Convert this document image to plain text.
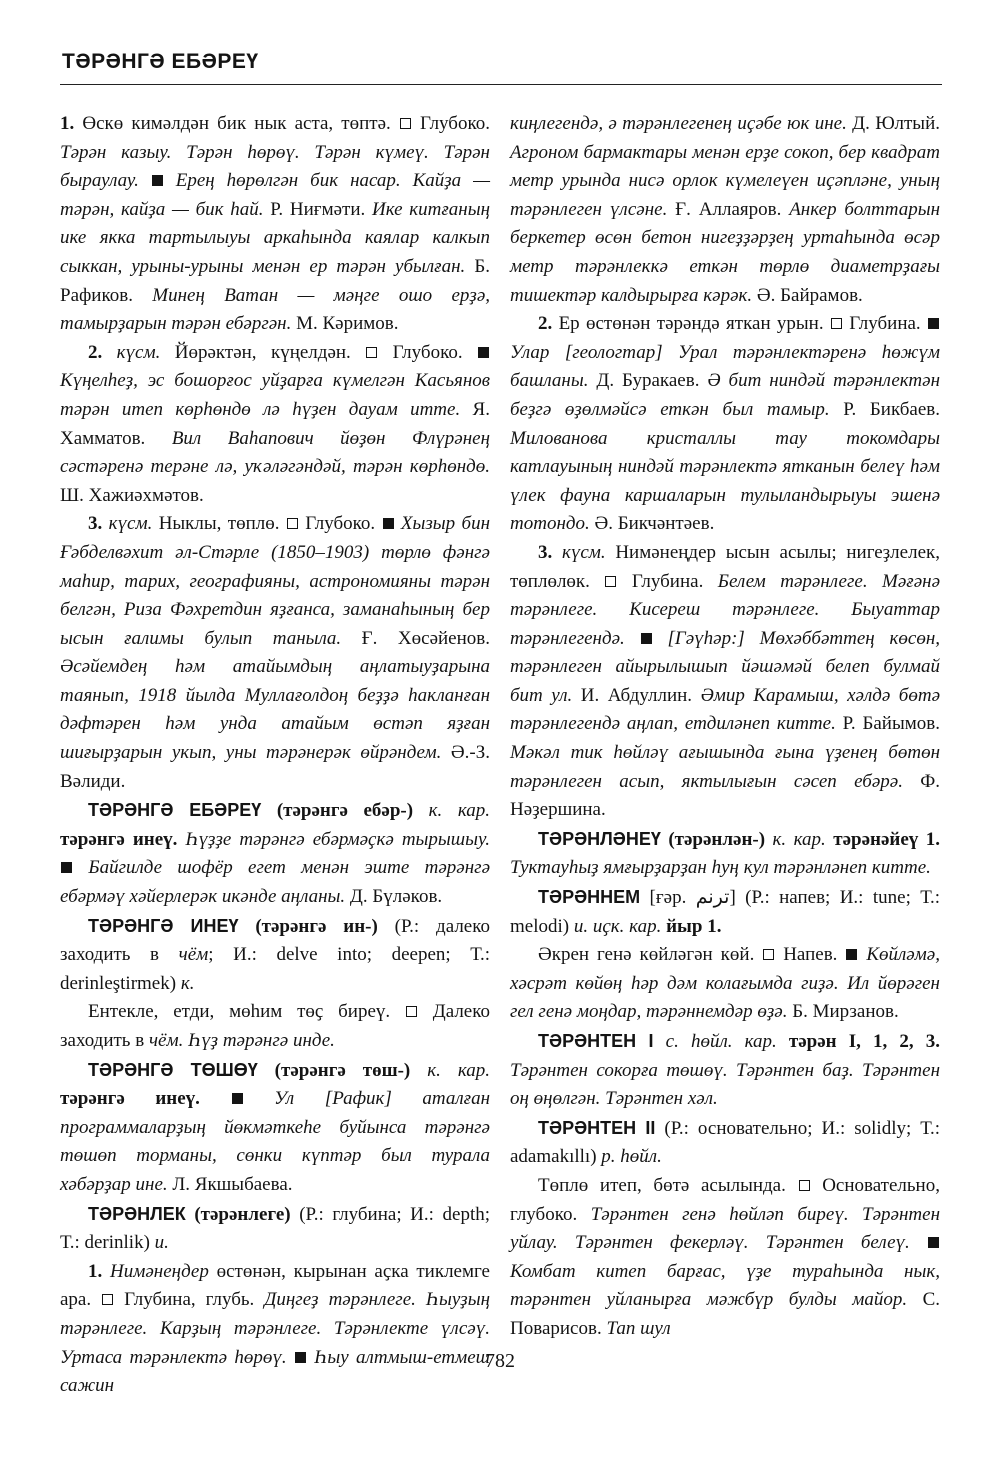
ТӘРӘНГӘ ЕБӘРЕҮ

1. Өскө кимәлдән бик нык аста, төптә.  Глубоко. Тәрән казыу. Тәрән һөрөү. Тәрән күмеү. Тәрән быраулау. Ерең һөрөлгән бик насар. Кайҙа — тәрән, кайҙа — бик һай. Р. Ниғмәти. Ике китғаның ике якка тартылыуы аркаһында каялар калкып сыккан, урыны-урыны менән ер тәрән убылған. Б. Рафиков. Минең Ватан — мәңге ошо ерҙә, тамырҙарын тәрән ебәргән. М. Кәримов.

2. күсм. Йөрәктән, күңелдән.  Глубоко.  Күңелһеҙ, эс бошорғос уйҙарға күмелгән Касьянов тәрән итеп көрһөндө лә һүҙен дауам итте. Я. Хамматов. Вил Ваһапович йөҙөн Флүрәнең сәстәренә терәне лә, уҡәләгәндәй, тәрән көрһөндө. Ш. Хажиәхмәтов.

3. күсм. Ныклы, төплө.  Глубоко.  Хызыр бин Ғәбделвәхит әл-Стәрле (1850–1903) төрлө фәнгә маһир, тарих, географияны, астрономияны тәрән белгән, Риза Фәхретдин яҙғанса, заманаһының бер ысын ғалимы булып танылa. Ғ. Хөсәйенов. Әсәйемдең һәм атайымдың аңлатыуҙарына таянып, 1918 йылда Муллағолдоң беҙҙә һаклaнған дәфтәрен һәм унда атайым өстәп яҙған шиғырҙарын укып, уны тәрәнерәк өйрәндем. Ә.-З. Вәлиди.

ТӘРӘНГӘ ЕБӘРЕҮ (тәрәнгә ебәр-) к. кар. тәрәнгә инеү. Һүҙҙе тәрәнгә ебәрмәҫкә тырышыу.  Байгилде шофёр егет менән эште тәрәнгә ебәрмәү хәйерлерәк икәнде аңланы. Д. Бүләков.

ТӘРӘНГӘ ИНЕҮ (тәрәнгә ин-) (Р.: далеко заходить в чём; И.: delve into; deepen; Т.: derinleştirmek) к.

Ентекле, етди, мөһим төҫ биреү.  Далеко заходить в чём. Һүҙ тәрәнгә инде.

ТӘРӘНГӘ ТӨШӨҮ (тәрәнгә төш-) к. кар. тәрәнгә инеү.  Ул [Рафик] аталған программаларҙың йөкмәткеһе буйынса тәрәнгә төшөп торманы, сөнки күптәр был турала хәбәрҙар ине. Л. Якшыбаева.

ТӘРӘНЛЕК (тәрәнлеге) (Р.: глубина; И.: depth; Т.: derinlik) и.

1. Нимәнеңдер өстөнән, кырынан аҫка тиклемге ара.  Глубина, глубь. Диңгеҙ тәрәнлеге. Һыуҙың тәрәнлеге. Карҙың тәрәнлеге. Тәрәнлекте үлсәү. Уртаса тәрәнлектә һөрөү. Һыу алтмыш-етмеш сажин

киңлегендә, ә тәрәнлегенең иҫәбе юк ине. Д. Юлтый. Агроном бармактары менән ерҙе сокоп, бер квадрат метр урында нисә орлок күмелеүен иҫәпләне, уның тәрәнлеген үлсәне. Ғ. Аллаяров. Анкер болттарын беркетер өсөн бетон нигеҙҙәрҙең уртаһында өсәр метр тәрәнлеккә еткән төрлө диаметрҙағы тишектәр калдырырға кәрәк. Ә. Байрамов.

2. Ер өстөнән тәрәндә яткан урын.  Глубина.  Улар [геологтар] Урал тәрәнлектәренә һөжүм башланы. Д. Буракаев. Ә бит ниндәй тәрәнлектән беҙгә өҙөлмәйсә еткән был тамыр. Р. Бикбаев. Милованова кристаллы тау токомдары катлауының ниндәй тәрәнлектә ятканын белеү һәм үлек фауна каршаларын тулыландырыуы эшенә тотондо. Ә. Бикчәнтәев.

3. күсм. Нимәнеңдер ысын асылы; нигеҙлелек, төплөлөк.  Глубина. Белем тәрәнлеге. Мәғәнә тәрәнлеге. Кисереш тәрәнлеге. Быуаттар тәрәнлегендә. [Гәүһәр:] Мөхәббәттең көсөн, тәрәнлеген айырылышып йәшәмәй белеп булмай бит ул. И. Абдуллин. Әмир Карамыш, хәлдә бөтә тәрәнлегендә аңлап, етдиләнеп китте. Р. Байымов. Мәкәл тик һөйләү ағышында ғына үҙенең бөтөн тәрәнлеген асып, яктылығын сәсеп ебәрә. Ф. Нәҙершина.

ТӘРӘНЛӘНЕҮ (тәрәнлән-) к. кар. тәрәнәйеү 1. Туктауһыҙ ямғырҙарҙан һуң кул тәрәнләнеп китте.

ТӘРӘННЕМ [ғәр. ترنم] (Р.: напев; И.: tune; Т.: melodi) и. иҫк. кар. йыр 1.

Әкрен генә көйләгән көй.  Напев.  Көйләмә, хәсрәт көйөң һәр дәм колағымда гиҙә. Ил йөрәген гел генә моңдар, тәрәннемдәр өҙә. Б. Мирзанов.

ТӘРӘНТЕН I с. һөйл. кар. тәрән I, 1, 2, 3. Тәрәнтен сокорға төшөү. Тәрәнтен баҙ. Тәрәнтен оң өңөлгән. Тәрәнтен хәл.

ТӘРӘНТЕН II (Р.: основательно; И.: solidly; Т.: adamakıllı) р. һөйл.

Төплө итеп, бөтә асылында.  Основательно, глубоко. Тәрәнтен генә һөйләп биреү. Тәрәнтен уйлау. Тәрәнтен фекерләү. Тәрәнтен белеү.  Комбат китеп барғас, үҙе тураһында нык, тәрәнтен уйланырға мәжбүр булды майор. С. Поварисов. Тап шул

782
